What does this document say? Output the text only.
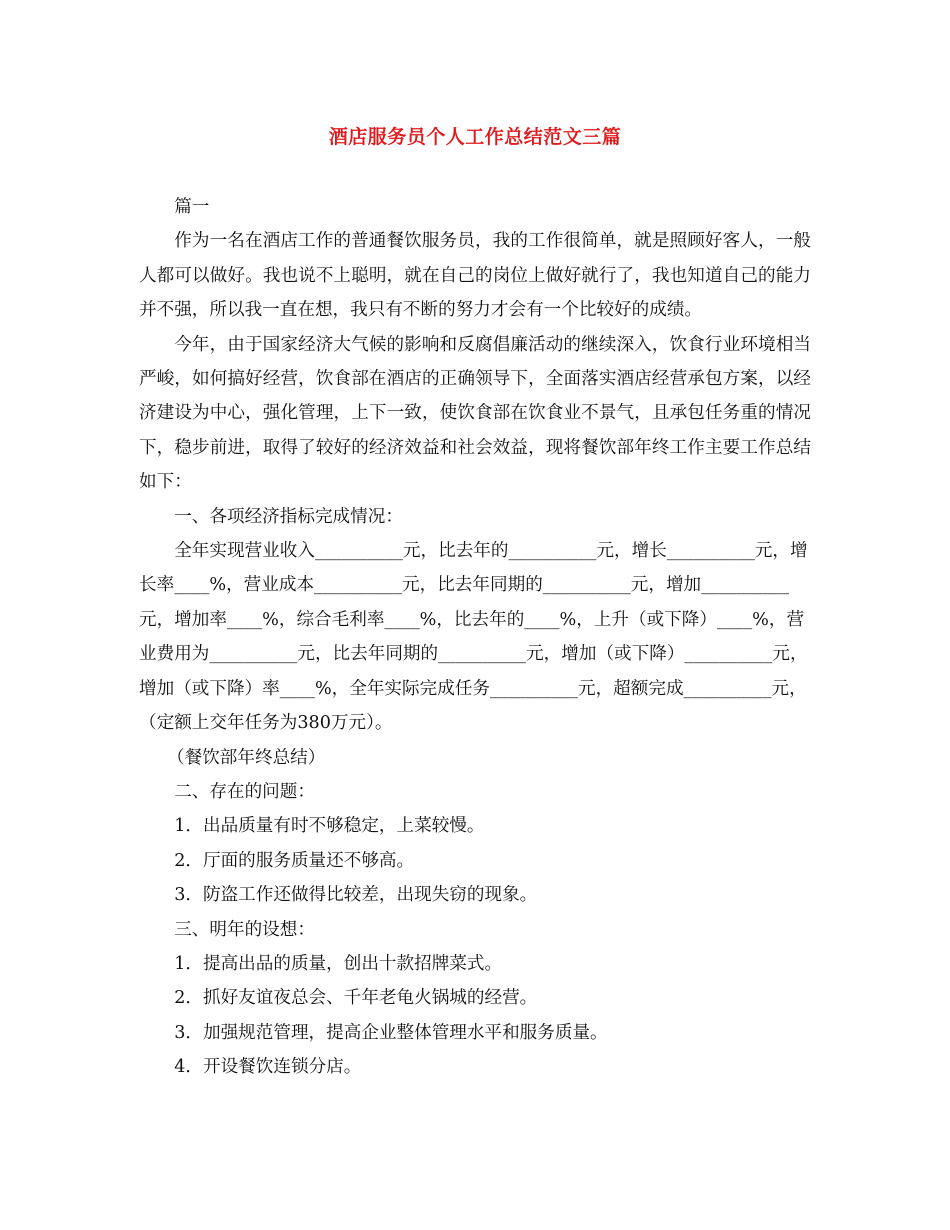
酒店服务员个人工作总结范文三篇

篇一

作为一名在酒店工作的普通餐饮服务员，我的工作很简单，就是照顾好客人，一般人都可以做好。我也说不上聪明，就在自己的岗位上做好就行了，我也知道自己的能力并不强，所以我一直在想，我只有不断的努力才会有一个比较好的成绩。

今年，由于国家经济大气候的影响和反腐倡廉活动的继续深入，饮食行业环境相当严峻，如何搞好经营，饮食部在酒店的正确领导下，全面落实酒店经营承包方案，以经济建设为中心，强化管理，上下一致，使饮食部在饮食业不景气，且承包任务重的情况下，稳步前进，取得了较好的经济效益和社会效益，现将餐饮部年终工作主要工作总结如下：

一、各项经济指标完成情况：

全年实现营业收入__________元，比去年的__________元，增长__________元，增长率____%，营业成本__________元，比去年同期的__________元，增加__________元，增加率____%，综合毛利率____%，比去年的____%，上升（或下降）____%，营业费用为__________元，比去年同期的__________元，增加（或下降）__________元，增加（或下降）率____%，全年实际完成任务__________元，超额完成__________元，（定额上交年任务为380万元）。

（餐饮部年终总结）

二、存在的问题：

1．出品质量有时不够稳定，上菜较慢。

2．厅面的服务质量还不够高。

3．防盗工作还做得比较差，出现失窃的现象。

三、明年的设想：

1．提高出品的质量，创出十款招牌菜式。

2．抓好友谊夜总会、千年老龟火锅城的经营。

3．加强规范管理，提高企业整体管理水平和服务质量。

4．开设餐饮连锁分店。
